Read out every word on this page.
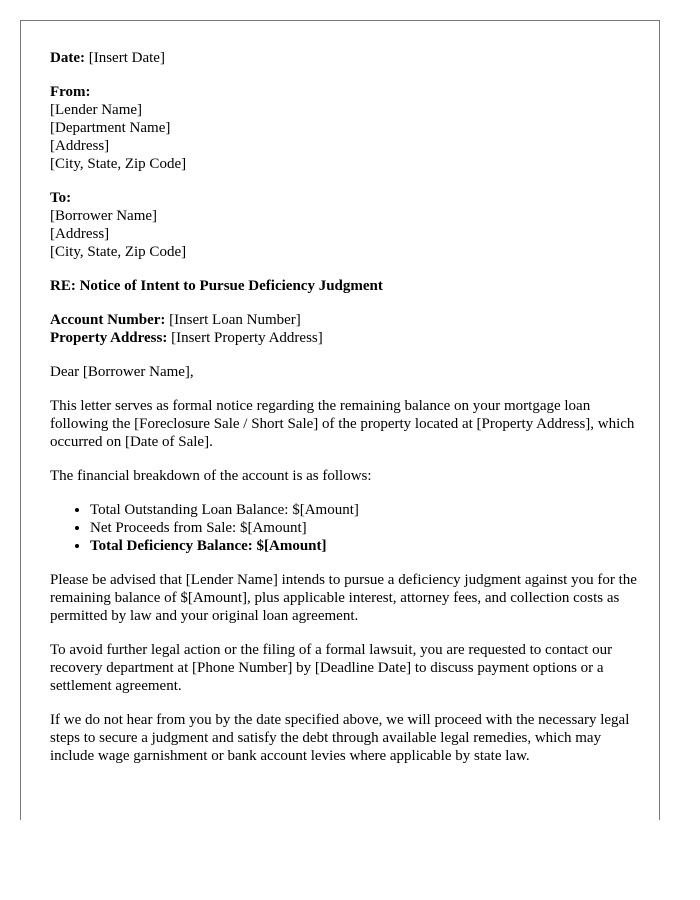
Date: [Insert Date]
From:
[Lender Name]
[Department Name]
[Address]
[City, State, Zip Code]
To:
[Borrower Name]
[Address]
[City, State, Zip Code]
RE: Notice of Intent to Pursue Deficiency Judgment
Account Number: [Insert Loan Number]
Property Address: [Insert Property Address]

Dear [Borrower Name],

This letter serves as formal notice regarding the remaining balance on your mortgage loan following the [Foreclosure Sale / Short Sale] of the property located at [Property Address], which occurred on [Date of Sale].

The financial breakdown of the account is as follows:

• Total Outstanding Loan Balance: $[Amount]
• Net Proceeds from Sale: $[Amount]
• Total Deficiency Balance: $[Amount]

Please be advised that [Lender Name] intends to pursue a deficiency judgment against you for the remaining balance of $[Amount], plus applicable interest, attorney fees, and collection costs as permitted by law and your original loan agreement.

To avoid further legal action or the filing of a formal lawsuit, you are requested to contact our recovery department at [Phone Number] by [Deadline Date] to discuss payment options or a settlement agreement.

If we do not hear from you by the date specified above, we will proceed with the necessary legal steps to secure a judgment and satisfy the debt through available legal remedies, which may include wage garnishment or bank account levies where applicable by state law.
